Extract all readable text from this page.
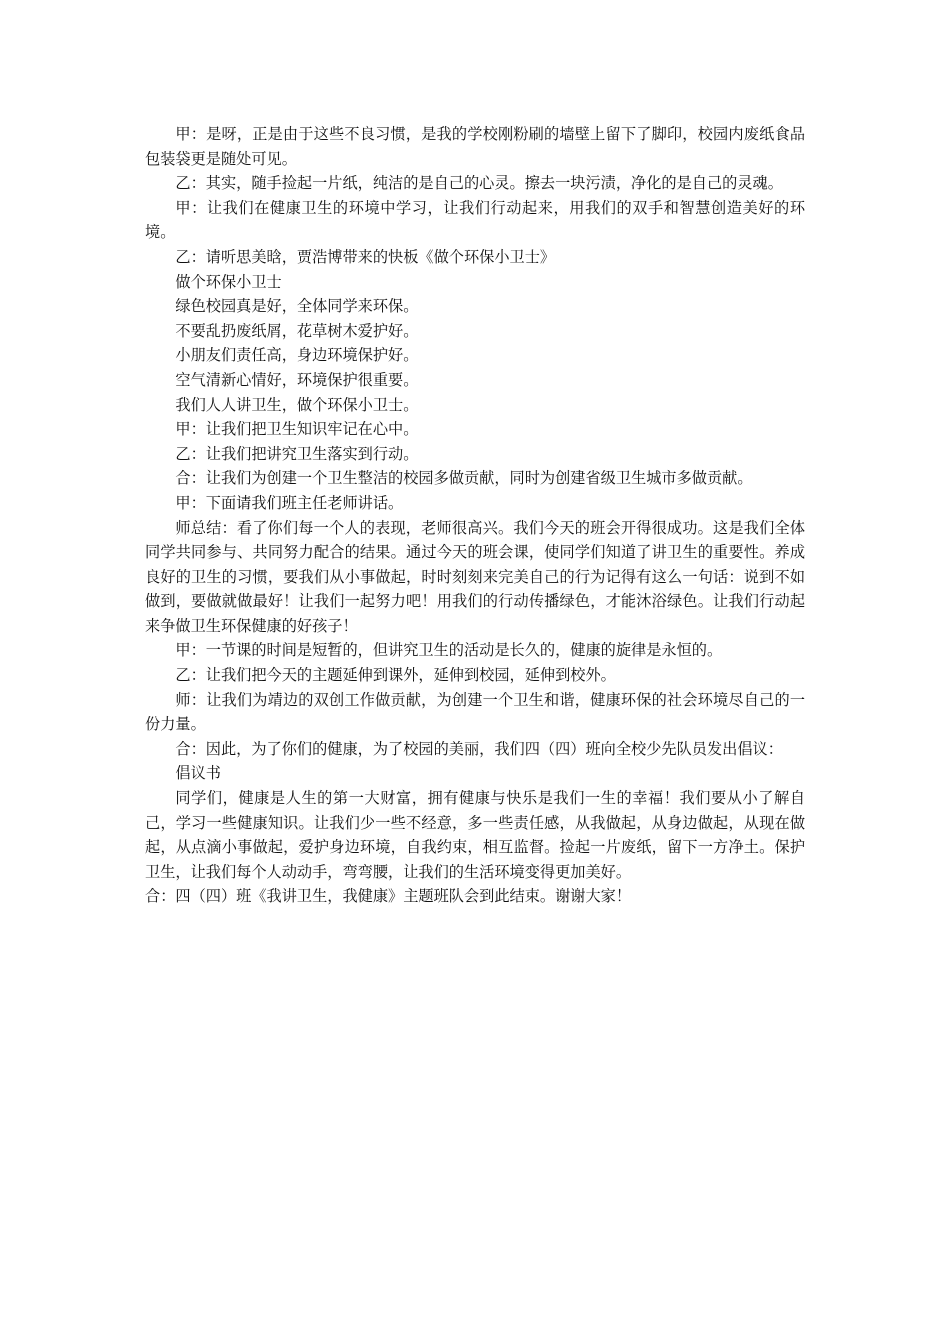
甲：是呀，正是由于这些不良习惯，是我的学校刚粉刷的墙壁上留下了脚印，校园内废纸食品包装袋更是随处可见。

乙：其实，随手捡起一片纸，纯洁的是自己的心灵。擦去一块污渍，净化的是自己的灵魂。

甲：让我们在健康卫生的环境中学习，让我们行动起来，用我们的双手和智慧创造美好的环境。

乙：请听思美晗，贾浩博带来的快板《做个环保小卫士》

做个环保小卫士

绿色校园真是好，全体同学来环保。

不要乱扔废纸屑，花草树木爱护好。

小朋友们责任高，身边环境保护好。

空气清新心情好，环境保护很重要。

我们人人讲卫生，做个环保小卫士。

甲：让我们把卫生知识牢记在心中。

乙：让我们把讲究卫生落实到行动。

合：让我们为创建一个卫生整洁的校园多做贡献，同时为创建省级卫生城市多做贡献。

甲：下面请我们班主任老师讲话。

师总结：看了你们每一个人的表现，老师很高兴。我们今天的班会开得很成功。这是我们全体同学共同参与、共同努力配合的结果。通过今天的班会课，使同学们知道了讲卫生的重要性。养成良好的卫生的习惯，要我们从小事做起，时时刻刻来完美自己的行为记得有这么一句话：说到不如做到，要做就做最好！让我们一起努力吧！用我们的行动传播绿色，才能沐浴绿色。让我们行动起来争做卫生环保健康的好孩子！

甲：一节课的时间是短暂的，但讲究卫生的活动是长久的，健康的旋律是永恒的。

乙：让我们把今天的主题延伸到课外，延伸到校园，延伸到校外。

师：让我们为靖边的双创工作做贡献，为创建一个卫生和谐，健康环保的社会环境尽自己的一份力量。

合：因此，为了你们的健康，为了校园的美丽，我们四（四）班向全校少先队员发出倡议：

倡议书

同学们，健康是人生的第一大财富，拥有健康与快乐是我们一生的幸福！我们要从小了解自己，学习一些健康知识。让我们少一些不经意，多一些责任感，从我做起，从身边做起，从现在做起，从点滴小事做起，爱护身边环境，自我约束，相互监督。捡起一片废纸，留下一方净土。保护卫生，让我们每个人动动手，弯弯腰，让我们的生活环境变得更加美好。

合：四（四）班《我讲卫生，我健康》主题班队会到此结束。谢谢大家！
